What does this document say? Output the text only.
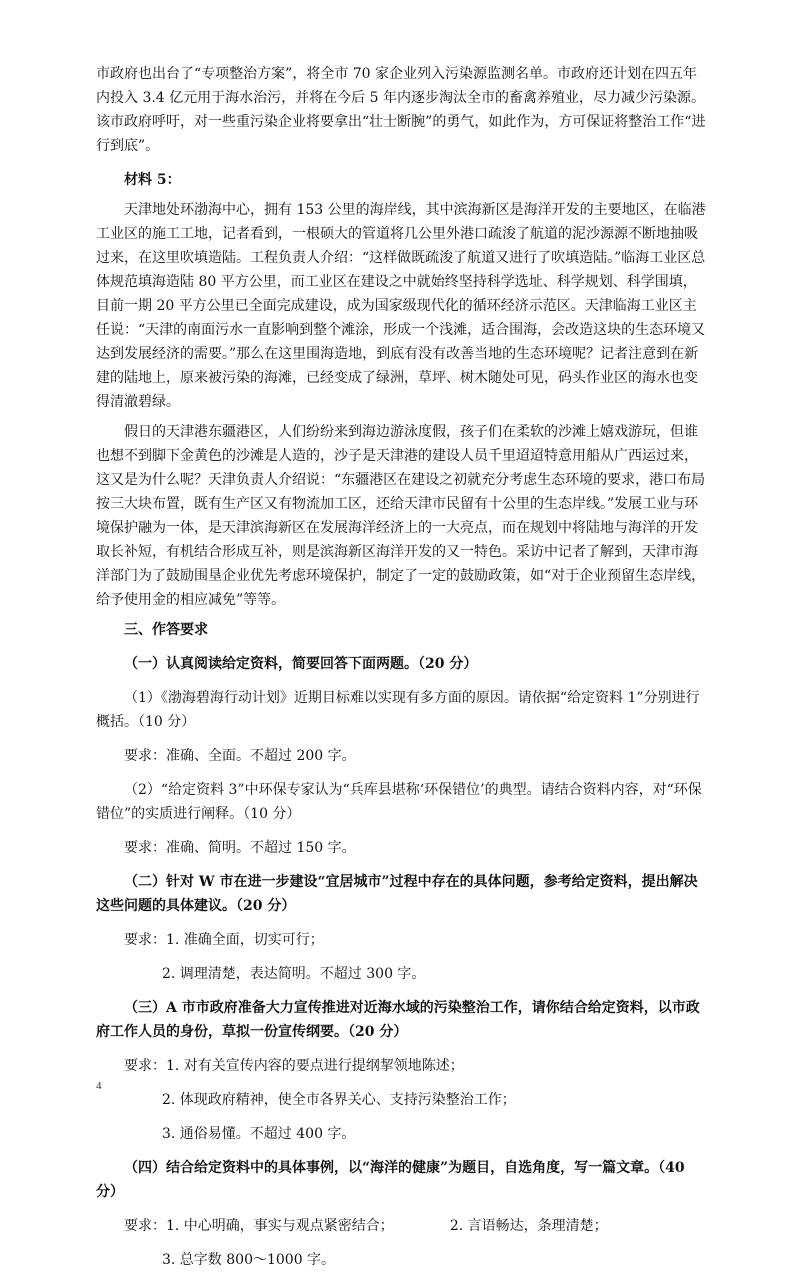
市政府也出台了“专项整治方案”，将全市 70 家企业列入污染源监测名单。市政府还计划在四五年内投入 3.4 亿元用于海水治污，并将在今后 5 年内逐步淘汰全市的畜禽养殖业，尽力减少污染源。该市政府呼吁，对一些重污染企业将要拿出“壮士断腕”的勇气，如此作为，方可保证将整治工作“进行到底”。

材料 5：

天津地处环渤海中心，拥有 153 公里的海岸线，其中滨海新区是海洋开发的主要地区，在临港工业区的施工工地，记者看到，一根硕大的管道将几公里外港口疏浚了航道的泥沙源源不断地抽吸过来，在这里吹填造陆。工程负责人介绍：“这样做既疏浚了航道又进行了吹填造陆。”临海工业区总体规范填海造陆 80 平方公里，而工业区在建设之中就始终坚持科学选址、科学规划、科学围填，目前一期 20 平方公里已全面完成建设，成为国家级现代化的循环经济示范区。天津临海工业区主任说：“天津的南面污水一直影响到整个滩涂，形成一个浅滩，适合围海，会改造这块的生态环境又达到发展经济的需要。”那么在这里围海造地，到底有没有改善当地的生态环境呢？记者注意到在新建的陆地上，原来被污染的海滩，已经变成了绿洲，草坪、树木随处可见，码头作业区的海水也变得清澈碧绿。

假日的天津港东疆港区，人们纷纷来到海边游泳度假，孩子们在柔软的沙滩上嬉戏游玩，但谁也想不到脚下金黄色的沙滩是人造的，沙子是天津港的建设人员千里迢迢特意用船从广西运过来，这又是为什么呢？天津负责人介绍说：“东疆港区在建设之初就充分考虑生态环境的要求，港口布局按三大块布置，既有生产区又有物流加工区，还给天津市民留有十公里的生态岸线。”发展工业与环境保护融为一体，是天津滨海新区在发展海洋经济上的一大亮点，而在规划中将陆地与海洋的开发取长补短，有机结合形成互补，则是滨海新区海洋开发的又一特色。采访中记者了解到，天津市海洋部门为了鼓励围垦企业优先考虑环境保护，制定了一定的鼓励政策，如“对于企业预留生态岸线，给予使用金的相应减免”等等。

三、作答要求

（一）认真阅读给定资料，简要回答下面两题。（20 分）

（1）《渤海碧海行动计划》近期目标难以实现有多方面的原因。请依据“给定资料 1”分别进行概括。（10 分）

要求：准确、全面。不超过 200 字。

（2）“给定资料 3”中环保专家认为“兵库县堪称‘环保错位’的典型。请结合资料内容，对“环保错位”的实质进行阐释。（10 分）

要求：准确、简明。不超过 150 字。

（二）针对 W 市在进一步建设“宜居城市”过程中存在的具体问题，参考给定资料，提出解决这些问题的具体建议。（20 分）

要求：1. 准确全面，切实可行；

2. 调理清楚，表达简明。不超过 300 字。

（三）A 市市政府准备大力宣传推进对近海水域的污染整治工作，请你结合给定资料，以市政府工作人员的身份，草拟一份宣传纲要。（20 分）

要求：1. 对有关宣传内容的要点进行提纲挈领地陈述；

2. 体现政府精神，使全市各界关心、支持污染整治工作；

3. 通俗易懂。不超过 400 字。

（四）结合给定资料中的具体事例，以“海洋的健康”为题目，自选角度，写一篇文章。（40 分）

要求：1. 中心明确，事实与观点紧密结合；	2. 言语畅达，条理清楚；

3. 总字数 800～1000 字。

4
